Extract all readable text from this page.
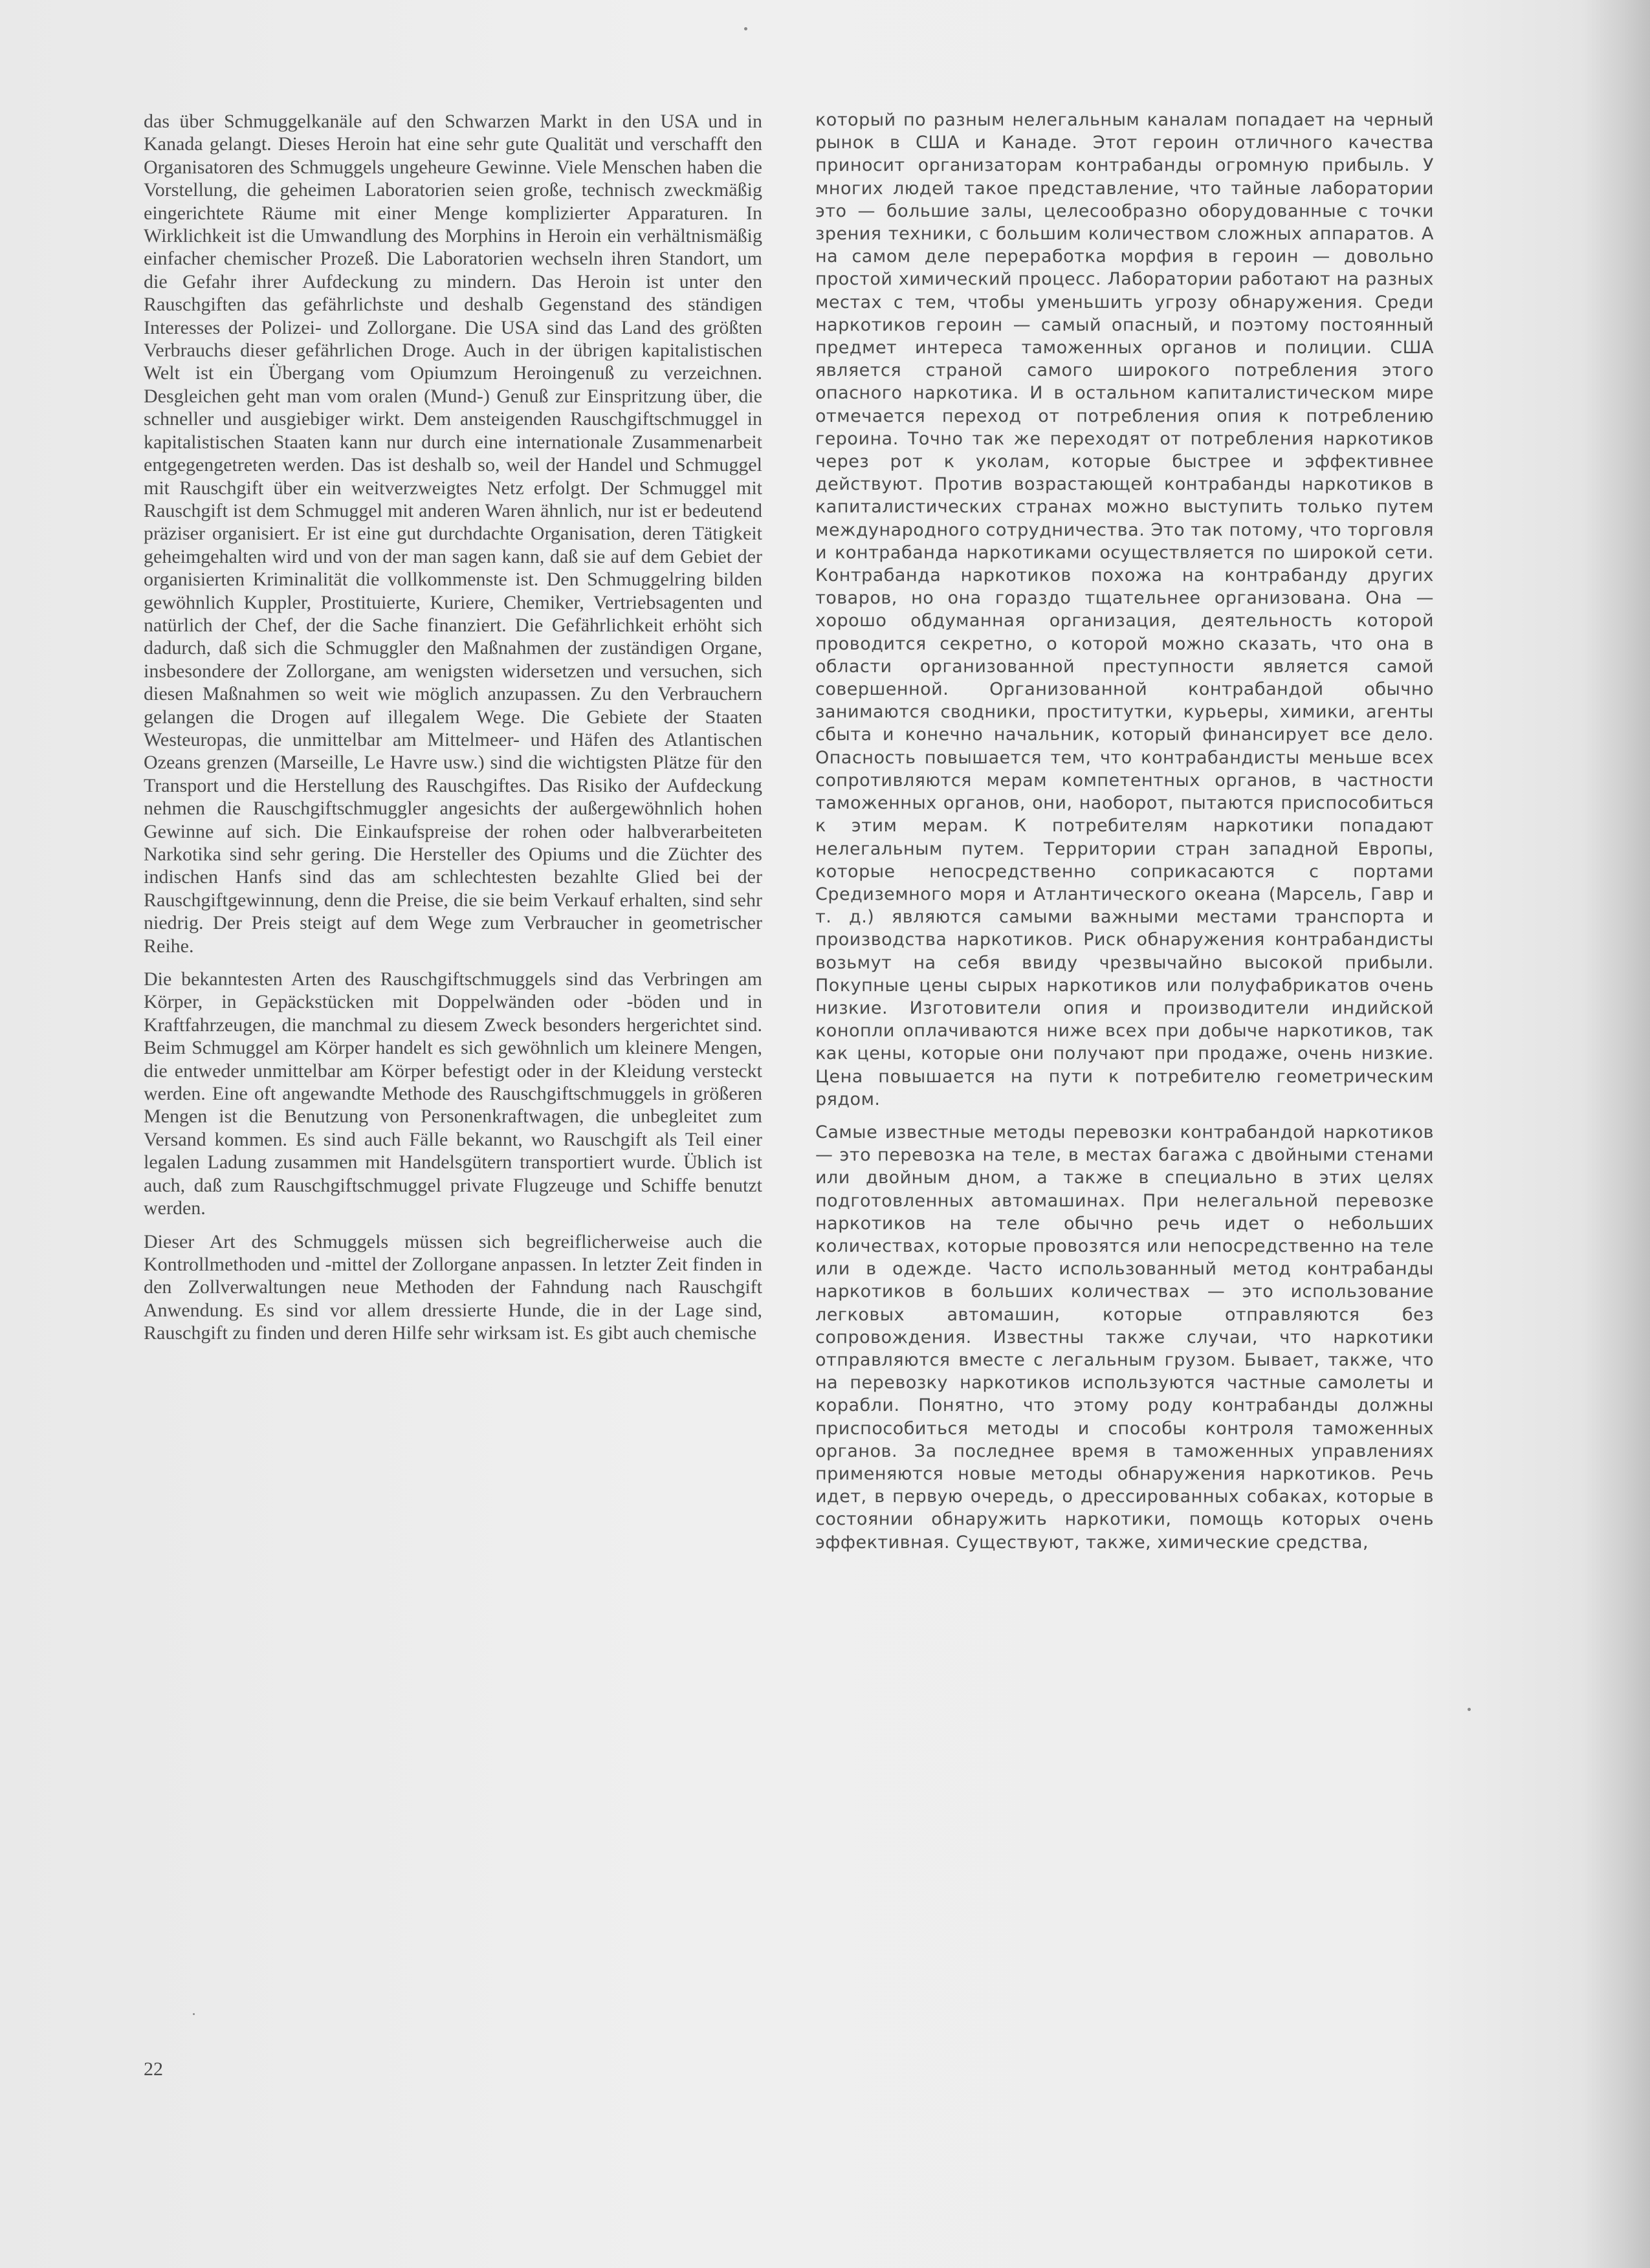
das über Schmuggelkanäle auf den Schwarzen Markt in den USA und in Kanada gelangt. Dieses Heroin hat eine sehr gute Qualität und verschafft den Organisatoren des Schmuggels ungeheure Gewinne. Viele Menschen haben die Vorstellung, die geheimen Laboratorien seien große, technisch zweckmäßig eingerichtete Räume mit einer Menge komplizierter Apparaturen. In Wirklichkeit ist die Umwandlung des Morphins in Heroin ein verhältnismäßig einfacher chemischer Prozeß. Die Laboratorien wechseln ihren Standort, um die Gefahr ihrer Aufdeckung zu mindern. Das Heroin ist unter den Rauschgiften das gefährlichste und deshalb Gegenstand des ständigen Interesses der Polizei- und Zollorgane. Die USA sind das Land des größten Verbrauchs dieser gefährlichen Droge. Auch in der übrigen kapitalistischen Welt ist ein Übergang vom Opiumzum Heroingenuß zu verzeichnen. Desgleichen geht man vom oralen (Mund-) Genuß zur Einspritzung über, die schneller und ausgiebiger wirkt. Dem ansteigenden Rauschgiftschmuggel in kapitalistischen Staaten kann nur durch eine internationale Zusammenarbeit entgegengetreten werden. Das ist deshalb so, weil der Handel und Schmuggel mit Rauschgift über ein weitverzweigtes Netz erfolgt. Der Schmuggel mit Rauschgift ist dem Schmuggel mit anderen Waren ähnlich, nur ist er bedeutend präziser organisiert. Er ist eine gut durchdachte Organisation, deren Tätigkeit geheimgehalten wird und von der man sagen kann, daß sie auf dem Gebiet der organisierten Kriminalität die vollkommenste ist. Den Schmuggelring bilden gewöhnlich Kuppler, Prostituierte, Kuriere, Chemiker, Vertriebsagenten und natürlich der Chef, der die Sache finanziert. Die Gefährlichkeit erhöht sich dadurch, daß sich die Schmuggler den Maßnahmen der zuständigen Organe, insbesondere der Zollorgane, am wenigsten widersetzen und versuchen, sich diesen Maßnahmen so weit wie möglich anzupassen. Zu den Verbrauchern gelangen die Drogen auf illegalem Wege. Die Gebiete der Staaten Westeuropas, die unmittelbar am Mittelmeer- und Häfen des Atlantischen Ozeans grenzen (Marseille, Le Havre usw.) sind die wichtigsten Plätze für den Transport und die Herstellung des Rauschgiftes. Das Risiko der Aufdeckung nehmen die Rauschgiftschmuggler angesichts der außergewöhnlich hohen Gewinne auf sich. Die Einkaufspreise der rohen oder halbverarbeiteten Narkotika sind sehr gering. Die Hersteller des Opiums und die Züchter des indischen Hanfs sind das am schlechtesten bezahlte Glied bei der Rauschgiftgewinnung, denn die Preise, die sie beim Verkauf erhalten, sind sehr niedrig. Der Preis steigt auf dem Wege zum Verbraucher in geometrischer Reihe.

Die bekanntesten Arten des Rauschgiftschmuggels sind das Verbringen am Körper, in Gepäckstücken mit Doppelwänden oder -böden und in Kraftfahrzeugen, die manchmal zu diesem Zweck besonders hergerichtet sind. Beim Schmuggel am Körper handelt es sich gewöhnlich um kleinere Mengen, die entweder unmittelbar am Körper befestigt oder in der Kleidung versteckt werden. Eine oft angewandte Methode des Rauschgiftschmuggels in größeren Mengen ist die Benutzung von Personenkraftwagen, die unbegleitet zum Versand kommen. Es sind auch Fälle bekannt, wo Rauschgift als Teil einer legalen Ladung zusammen mit Handelsgütern transportiert wurde. Üblich ist auch, daß zum Rauschgiftschmuggel private Flugzeuge und Schiffe benutzt werden.

Dieser Art des Schmuggels müssen sich begreiflicherweise auch die Kontrollmethoden und -mittel der Zollorgane anpassen. In letzter Zeit finden in den Zollverwaltungen neue Methoden der Fahndung nach Rauschgift Anwendung. Es sind vor allem dressierte Hunde, die in der Lage sind, Rauschgift zu finden und deren Hilfe sehr wirksam ist. Es gibt auch chemische

который по разным нелегальным каналам попадает на черный рынок в США и Канаде. Этот героин отличного качества приносит организаторам контрабанды огромную прибыль. У многих людей такое представление, что тайные лаборатории это — большие залы, целесообразно оборудованные с точки зрения техники, с большим количеством сложных аппаратов. А на самом деле переработка морфия в героин — довольно простой химический процесс. Лаборатории работают на разных местах с тем, чтобы уменьшить угрозу обнаружения. Среди наркотиков героин — самый опасный, и поэтому постоянный предмет интереса таможенных органов и полиции. США является страной самого широкого потребления этого опасного наркотика. И в остальном капиталистическом мире отмечается переход от потребления опия к потреблению героина. Точно так же переходят от потребления наркотиков через рот к уколам, которые быстрее и эффективнее действуют. Против возрастающей контрабанды наркотиков в капиталистических странах можно выступить только путем международного сотрудничества. Это так потому, что торговля и контрабанда наркотиками осуществляется по широкой сети. Контрабанда наркотиков похожа на контрабанду других товаров, но она гораздо тщательнее организована. Она — хорошо обдуманная организация, деятельность которой проводится секретно, о которой можно сказать, что она в области организованной преступности является самой совершенной. Организованной контрабандой обычно занимаются сводники, проститутки, курьеры, химики, агенты сбыта и конечно начальник, который финансирует все дело. Опасность повышается тем, что контрабандисты меньше всех сопротивляются мерам компетентных органов, в частности таможенных органов, они, наоборот, пытаются приспособиться к этим мерам. К потребителям наркотики попадают нелегальным путем. Территории стран западной Европы, которые непосредственно соприкасаются с портами Средиземного моря и Атлантического океана (Марсель, Гавр и т. д.) являются самыми важными местами транспорта и производства наркотиков. Риск обнаружения контрабандисты возьмут на себя ввиду чрезвычайно высокой прибыли. Покупные цены сырых наркотиков или полуфабрикатов очень низкие. Изготовители опия и производители индийской конопли оплачиваются ниже всех при добыче наркотиков, так как цены, которые они получают при продаже, очень низкие. Цена повышается на пути к потребителю геометрическим рядом.

Самые известные методы перевозки контрабандой наркотиков — это перевозка на теле, в местах багажа с двойными стенами или двойным дном, а также в специально в этих целях подготовленных автомашинах. При нелегальной перевозке наркотиков на теле обычно речь идет о небольших количествах, которые провозятся или непосредственно на теле или в одежде. Часто использованный метод контрабанды наркотиков в больших количествах — это использование легковых автомашин, которые отправляются без сопровождения. Известны также случаи, что наркотики отправляются вместе с легальным грузом. Бывает, также, что на перевозку наркотиков используются частные самолеты и корабли. Понятно, что этому роду контрабанды должны приспособиться методы и способы контроля таможенных органов. За последнее время в таможенных управлениях применяются новые методы обнаружения наркотиков. Речь идет, в первую очередь, о дрессированных собаках, которые в состоянии обнаружить наркотики, помощь которых очень эффективная. Существуют, также, химические средства,

22
